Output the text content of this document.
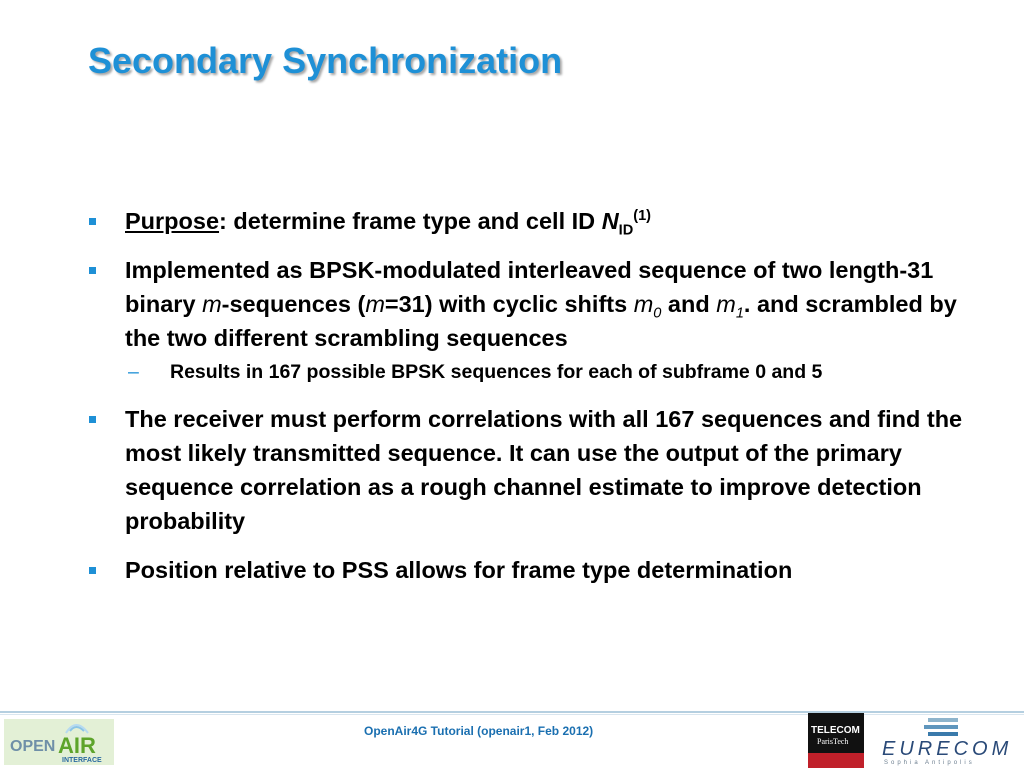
Secondary Synchronization
Purpose: determine frame type and cell ID $N_{ID}^{(1)}$
Implemented as BPSK-modulated interleaved sequence of two length-31 binary m-sequences (m=31) with cyclic shifts $m_0$ and $m_1$. and scrambled by the two different scrambling sequences
– Results in 167 possible BPSK sequences for each of subframe 0 and 5
The receiver must perform correlations with all 167 sequences and find the most likely transmitted sequence. It can use the output of the primary sequence correlation as a rough channel estimate to improve detection probability
Position relative to PSS allows for frame type determination
OPEN AIR
INTERFACE
OpenAir4G Tutorial (openair1, Feb 2012)	TELECOM
ParisTech EURECOM
Sophia Antipolis
